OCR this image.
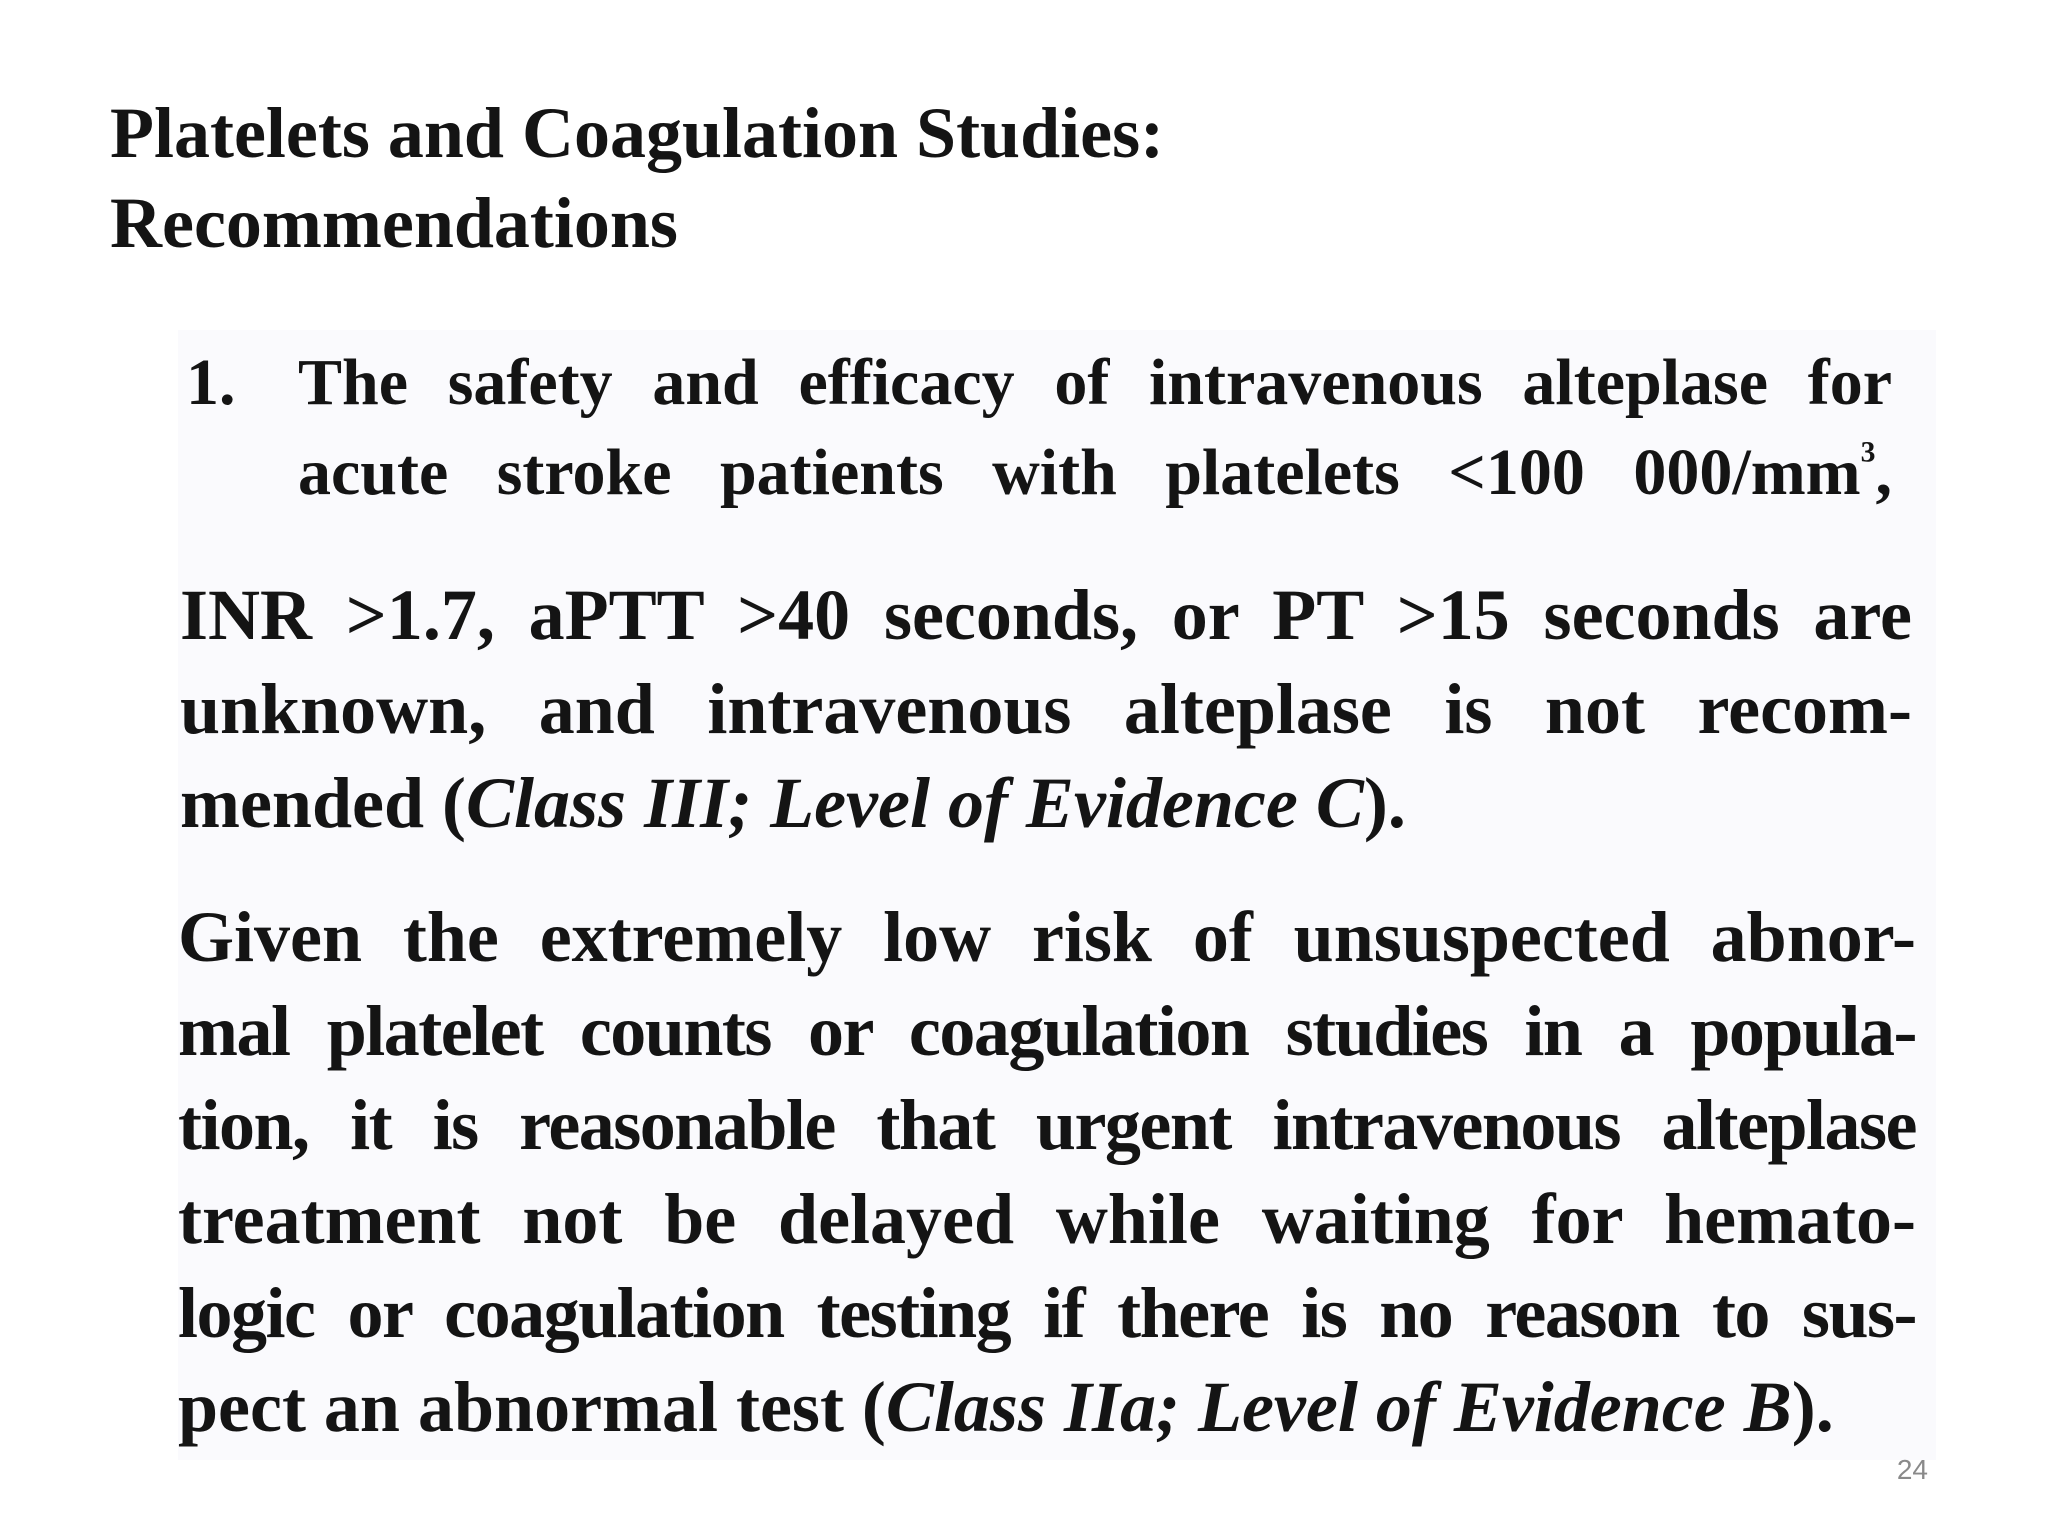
Platelets and Coagulation Studies:
Recommendations
1. The safety and efficacy of intravenous alteplase for
acute stroke patients with platelets <100 $000/mm^3$,
INR >1.7, aPTT >40 seconds, or PT >15 seconds are
unknown, and intravenous alteplase is not recom-
mended (Class III; Level of Evidence C).
Given the extremely low risk of unsuspected abnor-
mal platelet counts or coagulation studies in a popula-
tion, it is reasonable that urgent intravenous alteplase
treatment not be delayed while waiting for hemato-
logic or coagulation testing if there is no reason to sus-
pect an abnormal test (Class IIa; Level of Evidence B).
24
